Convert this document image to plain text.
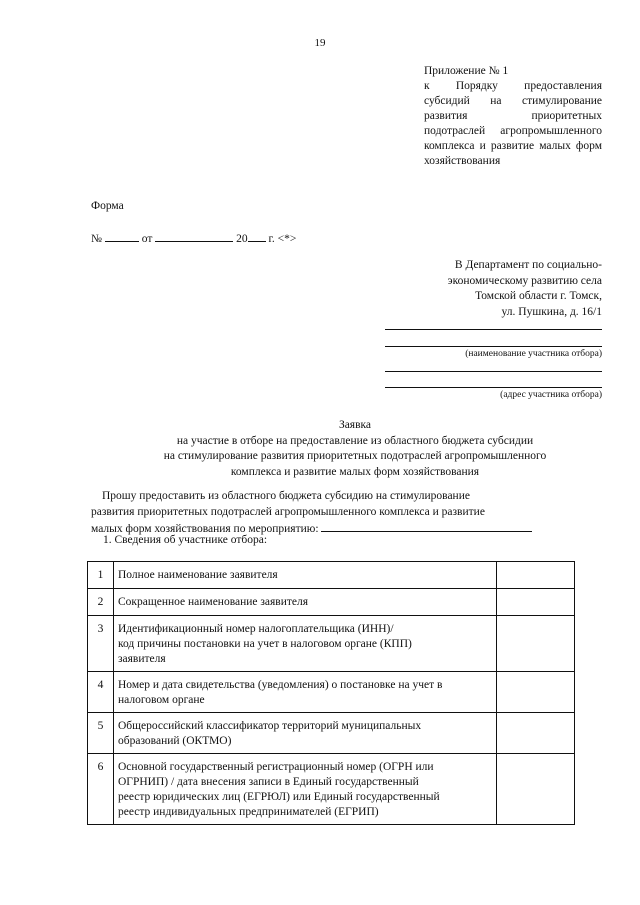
19
Приложение № 1
к Порядку предоставления субсидий на стимулирование развития приоритетных подотраслей агропромышленного комплекса и развитие малых форм хозяйствования
Форма
№	от	20 г. <*>
В Департамент по социально-
экономическому развитию села
Томской области г. Томск,
ул. Пушкина, д. 16/1
(наименование участника отбора)
(адрес участника отбора)
Заявка
на участие в отборе на предоставление из областного бюджета субсидии
на стимулирование развития приоритетных подотраслей агропромышленного
комплекса и развитие малых форм хозяйствования
Прошу предоставить из областного бюджета субсидию на стимулирование
развития приоритетных подотраслей агропромышленного комплекса и развитие
малых форм хозяйствования по мероприятию:
1. Сведения об участнике отбора:
1	Полное наименование заявителя	
2	Сокращенное наименование заявителя	
3	Идентификационный номер налогоплательщика (ИНН)/
код причины постановки на учет в налоговом органе (КПП)
заявителя	
4	Номер и дата свидетельства (уведомления) о постановке на учет в
налоговом органе	
5	Общероссийский классификатор территорий муниципальных
образований (ОКТМО)	
6	Основной государственный регистрационный номер (ОГРН или
ОГРНИП) / дата внесения записи в Единый государственный
реестр юридических лиц (ЕГРЮЛ) или Единый государственный
реестр индивидуальных предпринимателей (ЕГРИП)	
